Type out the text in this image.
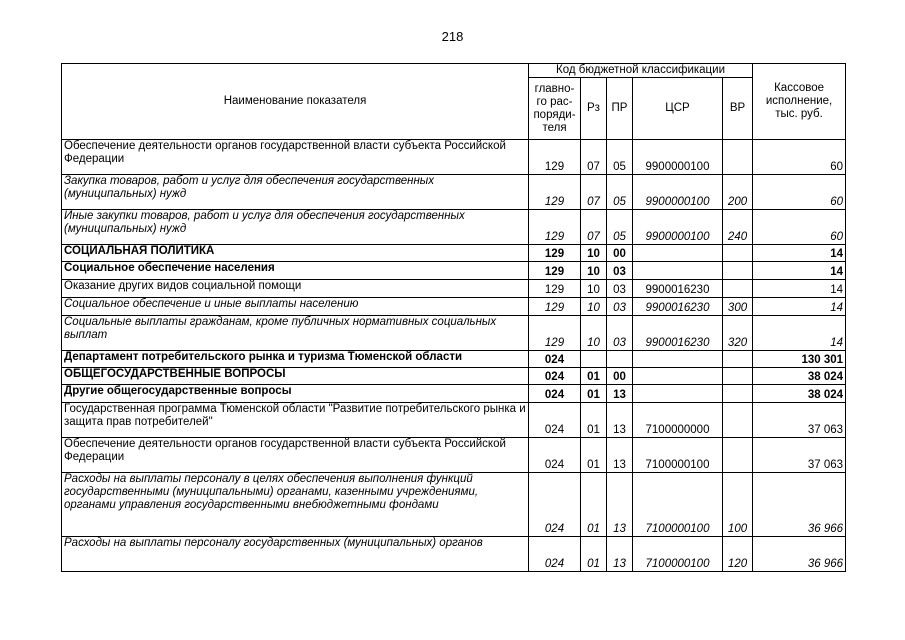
218
Наименование показателя	Код бюджетной классификации					Кассовое исполнение, тыс. руб.
	главно-го рас-поряди-теля	Рз	ПР	ЦСР	ВР	
Обеспечение деятельности органов государственной власти субъекта Российской Федерации	129	07	05	9900000100		60
Закупка товаров, работ и услуг для обеспечения государственных (муниципальных) нужд	129	07	05	9900000100	200	60
Иные закупки товаров, работ и услуг для обеспечения государственных (муниципальных) нужд	129	07	05	9900000100	240	60
СОЦИАЛЬНАЯ ПОЛИТИКА	129	10	00			14
Социальное обеспечение населения	129	10	03			14
Оказание других видов социальной помощи	129	10	03	9900016230		14
Социальное обеспечение и иные выплаты населению	129	10	03	9900016230	300	14
Социальные выплаты гражданам, кроме публичных нормативных социальных выплат	129	10	03	9900016230	320	14
Департамент потребительского рынка и туризма Тюменской области	024					130 301
ОБЩЕГОСУДАРСТВЕННЫЕ ВОПРОСЫ	024	01	00			38 024
Другие общегосударственные вопросы	024	01	13			38 024
Государственная программа Тюменской области "Развитие потребительского рынка и защита прав потребителей"	024	01	13	7100000000		37 063
Обеспечение деятельности органов государственной власти субъекта Российской Федерации	024	01	13	7100000100		37 063
Расходы на выплаты персоналу в целях обеспечения выполнения функций государственными (муниципальными) органами, казенными учреждениями, органами управления государственными внебюджетными фондами	024	01	13	7100000100	100	36 966
Расходы на выплаты персоналу государственных (муниципальных) органов	024	01	13	7100000100	120	36 966
